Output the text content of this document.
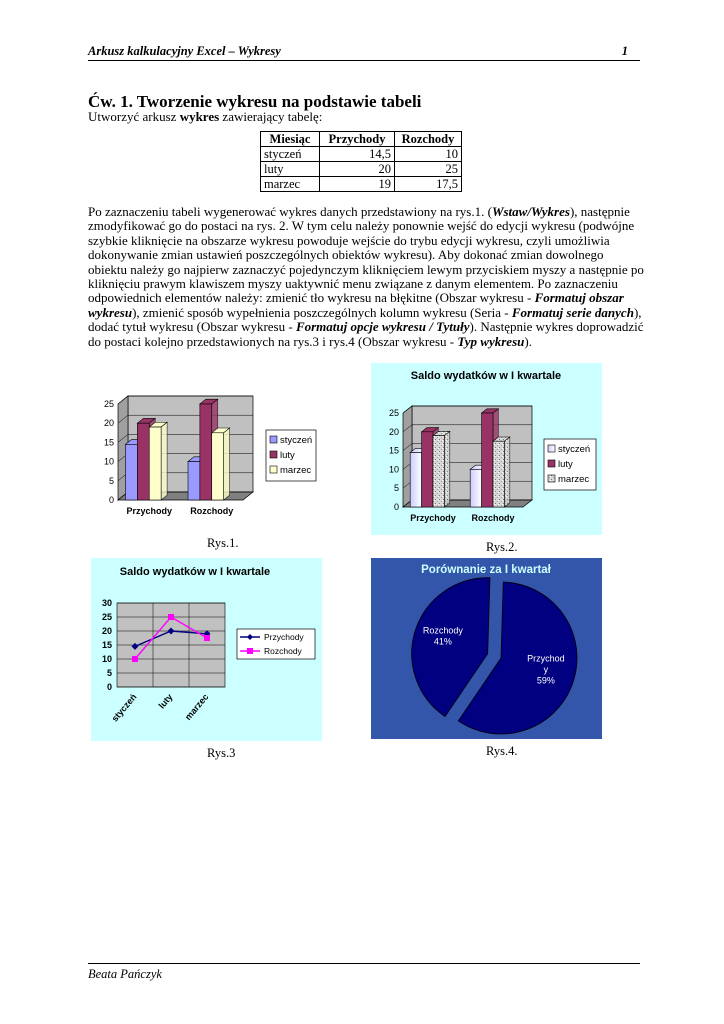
Arkusz kalkulacyjny Excel – Wykresy	1
Ćw. 1. Tworzenie wykresu na podstawie tabeli
Utworzyć arkusz wykres zawierający tabelę:
Miesiąc	Przychody	Rozchody
styczeń	14,5	10
luty	20	25
marzec	19	17,5
Po zaznaczeniu tabeli wygenerować wykres danych przedstawiony na rys.1. (Wstaw/Wykres), następnie zmodyfikować go do postaci na rys. 2. W tym celu należy ponownie wejść do edycji wykresu (podwójne szybkie kliknięcie na obszarze wykresu powoduje wejście do trybu edycji wykresu, czyli umożliwia dokonywanie zmian ustawień poszczególnych obiektów wykresu). Aby dokonać zmian dowolnego obiektu należy go najpierw zaznaczyć pojedynczym kliknięciem lewym przyciskiem myszy a następnie po kliknięciu prawym klawiszem myszy uaktywnić menu związane z danym elementem. Po zaznaczeniu odpowiednich elementów należy: zmienić tło wykresu na błękitne (Obszar wykresu - Formatuj obszar wykresu), zmienić sposób wypełnienia poszczególnych kolumn wykresu (Seria - Formatuj serie danych), dodać tytuł wykresu (Obszar wykresu - Formatuj opcje wykresu / Tytuły). Następnie wykres doprowadzić do postaci kolejno przedstawionych na rys.3 i rys.4 (Obszar wykresu - Typ wykresu).
0
5
10
15
20
25
Przychody Rozchody
styczeń
luty
marzec
Rys.1.
Saldo wydatków w I kwartale
0
5
10
15
20
25
Przychody Rozchody
styczeń
luty
marzec
Rys.2.
Saldo wydatków w I kwartale
0
5
10
15
20
25
30
styczeń luty marzec
Przychody
Rozchody
Rys.3
Porównanie za I kwartał
Przychod
y
59%
Rozchody
41%
Rys.4.
Beata Pańczyk
